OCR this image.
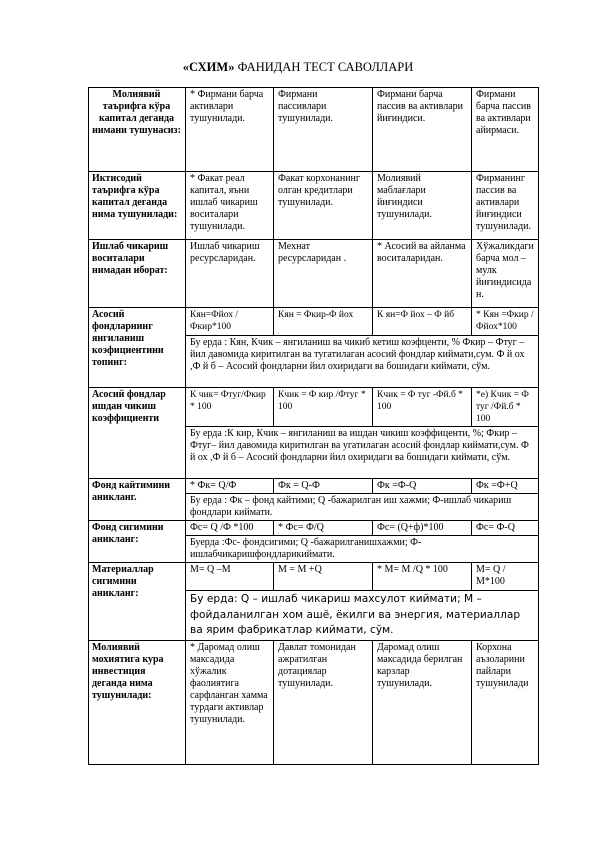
«СХИМ» ФАНИДАН ТЕСТ САВОЛЛАРИ
Молиявий таърифга кўра капитал деганда нимани тушунасиз:	* Фирмани барча активлари тушунилади.	Фирмани пассивлари тушунилади.	Фирмани барча пассив ва активлари йиғиндиси.	Фирмани барча пассив ва активлари айирмаси.
Иктисодий таърифга кўра капитал деганда нима тушунилади:	* Факат реал капитал, яъни ишлаб чикариш воситалари тушунилади.	Факат корхонанинг олган кредитлари тушунилади.	Молиявий маблағлари йиғиндиси тушунилади.	Фирманинг пассив ва активлари йиғиндиси тушунилади.
Ишлаб чикариш воситалари нимадан иборат:	Ишлаб чикариш ресурсларидан.	Мехнат ресурсларидан .	* Асосий ва айланма воситаларидан.	Хўжаликдаги барча мол – мулк йиғиндисидан.
Асосий фондларнинг янгиланиш коэфициентини топинг:	Кян=Фйох / Фкир*100	Кян = Фкир-Ф йох	К ян=Ф йох – Ф йб	* Кян =Фкир /Фйох*100
	Бу ерда : Кян, Кчик – янгиланиш ва чикиб кетиш коэфценти, % Фкир – Фтуг – йил давомида киритилган ва тугатилаган асосий фондлар киймати,сум. Ф й ох ,Ф й б – Асосий фондларни йил охиридаги ва бошидаги киймати, сўм.			
Асосий фондлар ишдан чикиш коэффициенти	К чик= Фтуг/Фкир * 100	Кчик = Ф кир /Фтуг * 100	Кчик = Ф туг -Фй.б * 100	*е) Кчик = Ф туг /Фй.б * 100
	Бу ерда :К кир, Кчик – янгиланиш ва ишдан чикиш коэффиценти, %; Фкир – Фтуг– йил давомида киритилган ва угатилаган асосий фондлар киймати,сум. Ф й ох ,Ф й б – Асосий фондларни йил охиридаги ва бошидаги киймати, сўм.			
Фонд кайтимини аникланг.	* Фк= Q/Ф	Фк = Q-Ф	Фк =Ф-Q	Фк =Ф+Q
	Бу ерда : Фк – фонд кайтими; Q -бажарилган иш хажми; Ф-ишлаб чикариш фондлари киймати.			
Фонд сигимини аникланг:	Фс= Q /Ф *100	* Фс= Ф/Q	Фс= (Q+ф)*100	Фс= Ф-Q
	Буерда :Фс- фондсигими; Q -бажарилганишхажми; Ф-ишлабчикаришфондларикиймати.			
Материаллар сигимини аникланг:	М= Q –М	М = М +Q	* М= М /Q * 100	М= Q / М*100
	Бу ерда: Q – ишлаб чикариш махсулот киймати; М – фойдаланилган хом ашё, ёкилги ва энергия, материаллар ва ярим фабрикатлар киймати, сўм.			
Молиявий мохиятига кура инвестиция деганда нима тушунилади:	* Даромад олиш максадида хўжалик фаолиятига сарфланган хамма турдаги активлар тушунилади.	Давлат томонидан ажратилган дотациялар тушунилади.	Даромад олиш максадида берилган карзлар тушунилади.	Корхона аъзоларини пайлари тушунилади
